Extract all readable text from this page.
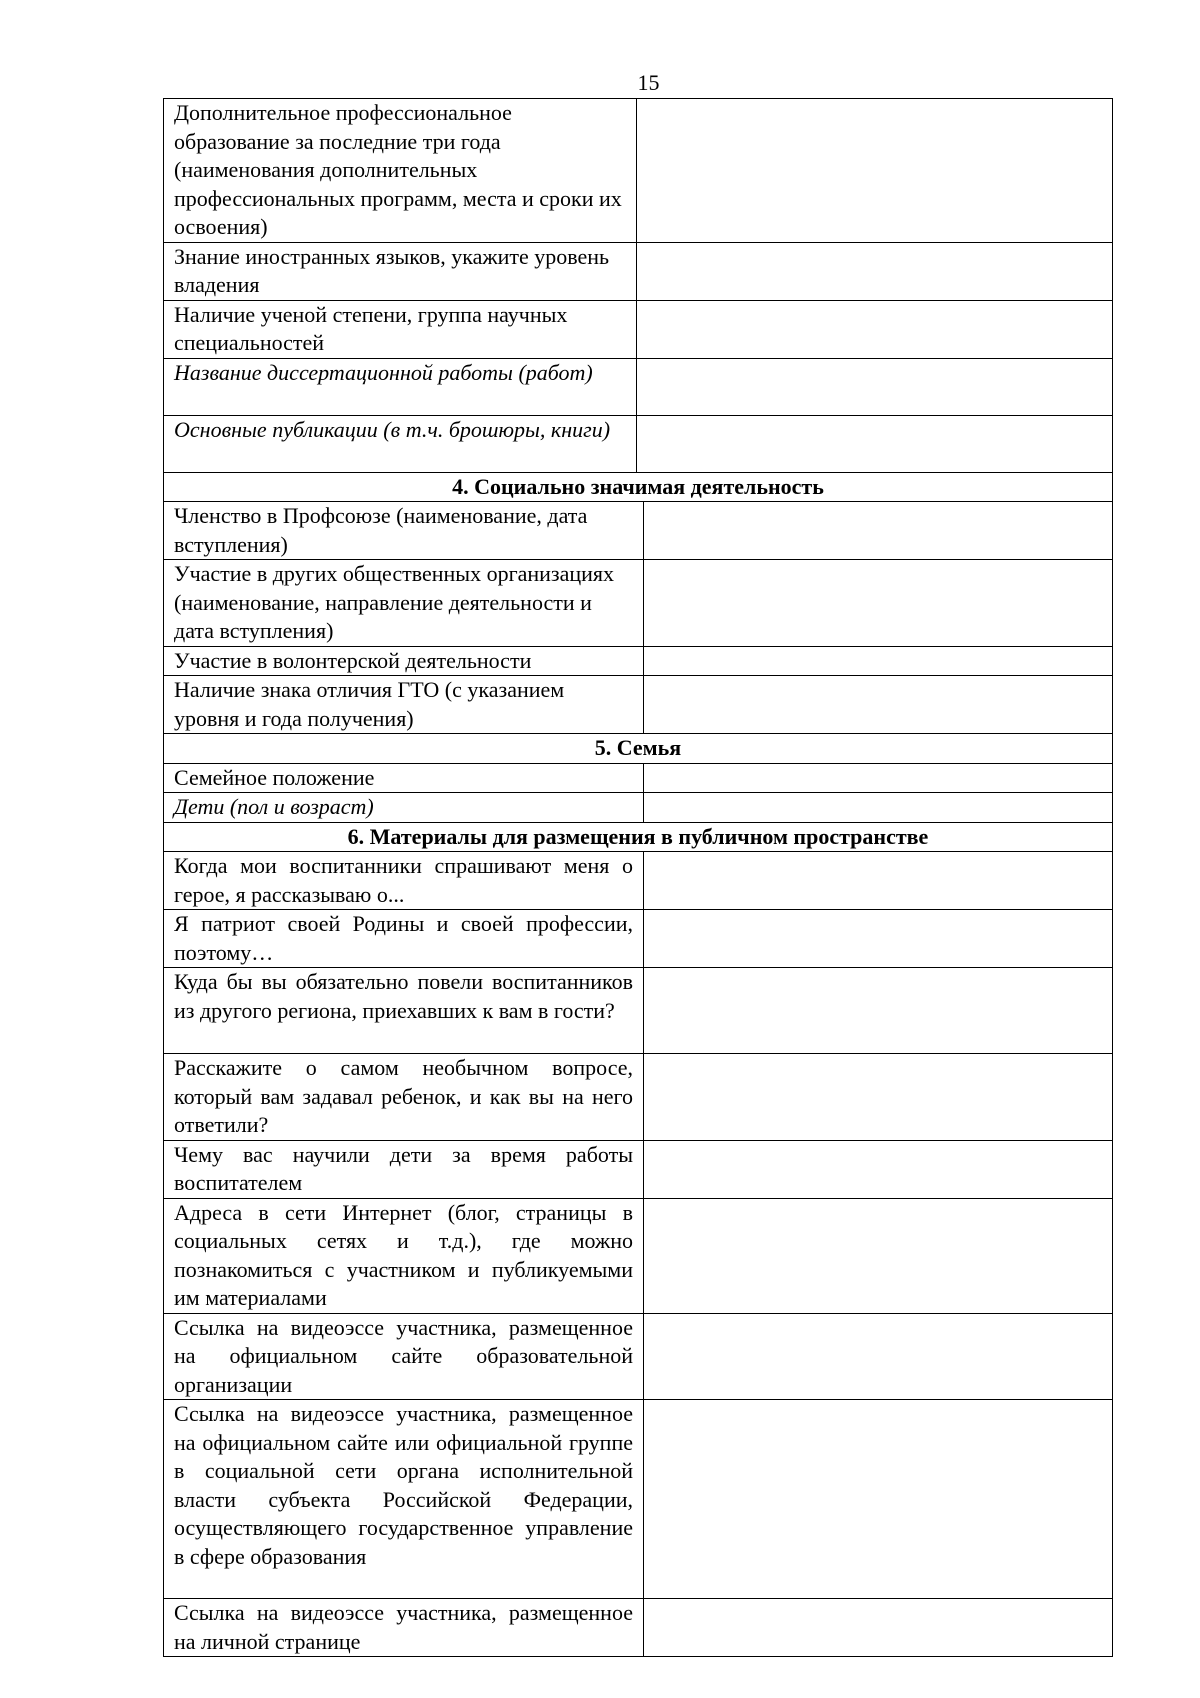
15
Дополнительное профессиональное образование за последние три года (наименования дополнительных профессиональных программ, места и сроки их освоения)		
Знание иностранных языков, укажите уровень владения		
Наличие ученой степени, группа научных специальностей		
Название диссертационной работы (работ)		
Основные публикации (в т.ч. брошюры, книги)		
4. Социально значимая деятельность		
Членство в Профсоюзе (наименование, дата вступления)		
Участие в других общественных организациях (наименование, направление деятельности и дата вступления)		
Участие в волонтерской деятельности		
Наличие знака отличия ГТО (с указанием уровня и года получения)		
5. Семья		
Семейное положение		
Дети (пол и возраст)		
6. Материалы для размещения в публичном пространстве		
Когда мои воспитанники спрашивают меня о герое, я рассказываю о...		
Я патриот своей Родины и своей профессии, поэтому…		
Куда бы вы обязательно повели воспитанников из другого региона, приехавших к вам в гости?		
Расскажите о самом необычном вопросе, который вам задавал ребенок, и как вы на него ответили?		
Чему вас научили дети за время работы воспитателем		
Адреса в сети Интернет (блог, страницы в социальных сетях и т.д.), где можно познакомиться с участником и публикуемыми им материалами		
Ссылка на видеоэссе участника, размещенное на официальном сайте образовательной организации		
Ссылка на видеоэссе участника, размещенное на официальном сайте или официальной группе в социальной сети органа исполнительной власти субъекта Российской Федерации, осуществляющего государственное управление в сфере образования		
Ссылка на видеоэссе участника, размещенное на личной странице		
